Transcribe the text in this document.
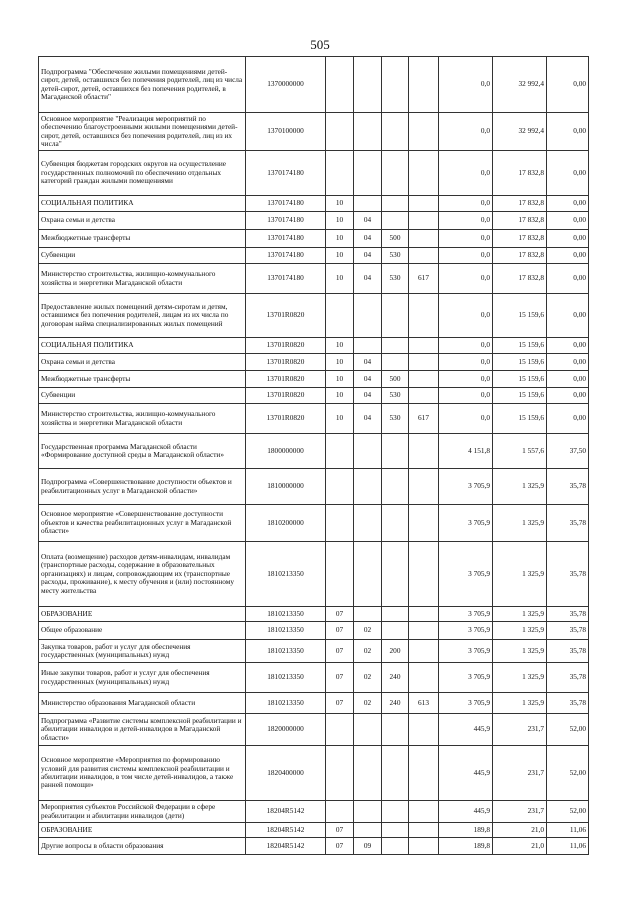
505
Подпрограмма "Обеспечение жилыми помещениями детей-сирот, детей, оставшихся без попечения родителей, лиц из числа детей-сирот, детей, оставшихся без попечения родителей, в Магаданской области"	1370000000					0,0	32 992,4	0,00
Основное мероприятие "Реализация мероприятий по обеспечению благоустроенными жилыми помещениями детей-сирот, детей, оставшихся без попечения родителей, лиц из их числа"	1370100000					0,0	32 992,4	0,00
Субвенция бюджетам городских округов на осуществление государственных полномочий по обеспечению отдельных категорий граждан жилыми помещениями	1370174180					0,0	17 832,8	0,00
СОЦИАЛЬНАЯ ПОЛИТИКА	1370174180	10				0,0	17 832,8	0,00
Охрана семьи и детства	1370174180	10	04			0,0	17 832,8	0,00
Межбюджетные трансферты	1370174180	10	04	500		0,0	17 832,8	0,00
Субвенции	1370174180	10	04	530		0,0	17 832,8	0,00
Министерство строительства, жилищно-коммунального хозяйства и энергетики Магаданской области	1370174180	10	04	530	617	0,0	17 832,8	0,00
Предоставление жилых помещений детям-сиротам и детям, оставшимся без попечения родителей, лицам из их числа по договорам найма специализированных жилых помещений	13701R0820					0,0	15 159,6	0,00
СОЦИАЛЬНАЯ ПОЛИТИКА	13701R0820	10				0,0	15 159,6	0,00
Охрана семьи и детства	13701R0820	10	04			0,0	15 159,6	0,00
Межбюджетные трансферты	13701R0820	10	04	500		0,0	15 159,6	0,00
Субвенции	13701R0820	10	04	530		0,0	15 159,6	0,00
Министерство строительства, жилищно-коммунального хозяйства и энергетики Магаданской области	13701R0820	10	04	530	617	0,0	15 159,6	0,00
Государственная программа Магаданской области «Формирование доступной среды в Магаданской области»	1800000000					4 151,8	1 557,6	37,50
Подпрограмма «Совершенствование доступности объектов и реабилитационных услуг в Магаданской области»	1810000000					3 705,9	1 325,9	35,78
Основное мероприятие «Совершенствование доступности объектов и качества реабилитационных услуг в Магаданской области»	1810200000					3 705,9	1 325,9	35,78
Оплата (возмещение) расходов детям-инвалидам, инвалидам (транспортные расходы, содержание в образовательных организациях) и лицам, сопровождающим их (транспортные расходы, проживание), к месту обучения и (или) постоянному месту жительства	1810213350					3 705,9	1 325,9	35,78
ОБРАЗОВАНИЕ	1810213350	07				3 705,9	1 325,9	35,78
Общее образование	1810213350	07	02			3 705,9	1 325,9	35,78
Закупка товаров, работ и услуг для обеспечения государственных (муниципальных) нужд	1810213350	07	02	200		3 705,9	1 325,9	35,78
Иные закупки товаров, работ и услуг для обеспечения государственных (муниципальных) нужд	1810213350	07	02	240		3 705,9	1 325,9	35,78
Министерство образования Магаданской области	1810213350	07	02	240	613	3 705,9	1 325,9	35,78
Подпрограмма «Развитие системы комплексной реабилитации и абилитации инвалидов и детей-инвалидов в Магаданской области»	1820000000					445,9	231,7	52,00
Основное мероприятие «Мероприятия по формированию условий для развития системы комплексной реабилитации и абилитации инвалидов, в том числе детей-инвалидов, а также ранней помощи»	1820400000					445,9	231,7	52,00
Мероприятия субъектов Российской Федерации в сфере реабилитации и абилитации инвалидов (дети)	18204R5142					445,9	231,7	52,00
ОБРАЗОВАНИЕ	18204R5142	07				189,8	21,0	11,06
Другие вопросы в области образования	18204R5142	07	09			189,8	21,0	11,06
